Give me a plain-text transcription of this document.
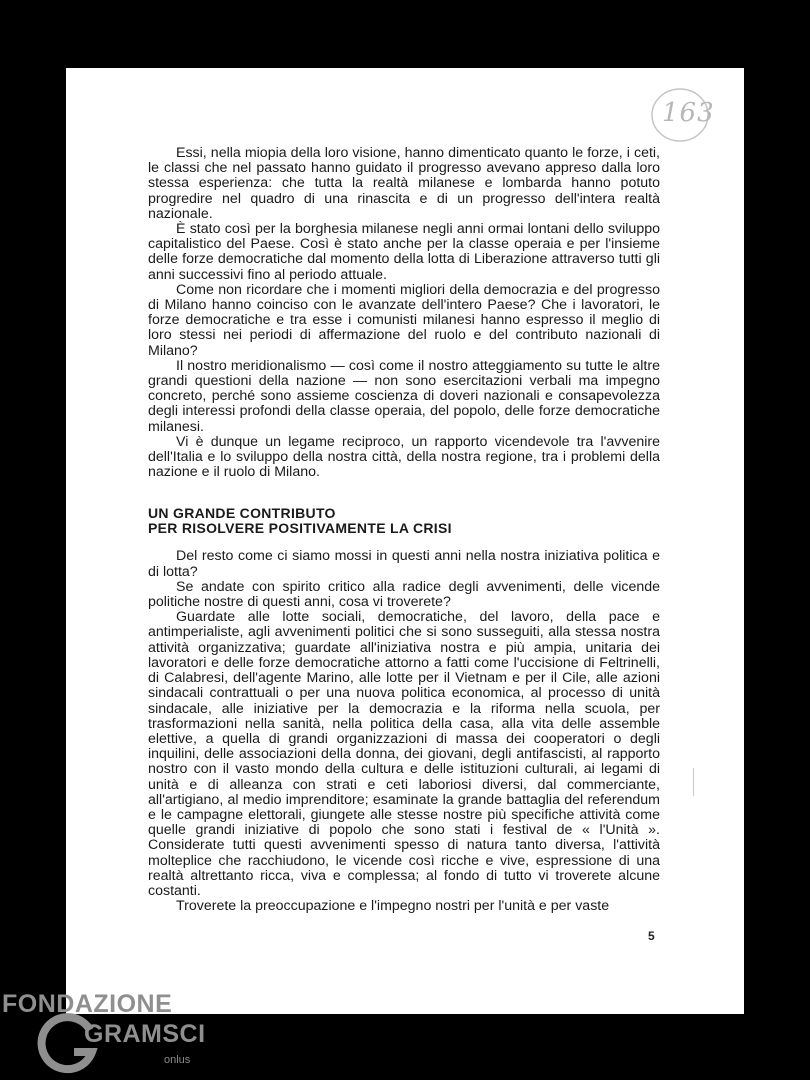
163

Essi, nella miopia della loro visione, hanno dimenticato quanto le forze, i ceti, le classi che nel passato hanno guidato il progresso avevano appreso dalla loro stessa esperienza: che tutta la realtà milanese e lombarda hanno potuto progredire nel quadro di una rinascita e di un progresso dell'intera realtà nazionale.

È stato così per la borghesia milanese negli anni ormai lontani dello sviluppo capitalistico del Paese. Così è stato anche per la classe operaia e per l'insieme delle forze democratiche dal momento della lotta di Liberazione attraverso tutti gli anni successivi fino al periodo attuale.

Come non ricordare che i momenti migliori della democrazia e del progresso di Milano hanno coinciso con le avanzate dell'intero Paese? Che i lavoratori, le forze democratiche e tra esse i comunisti milanesi hanno espresso il meglio di loro stessi nei periodi di affermazione del ruolo e del contributo nazionali di Milano?

Il nostro meridionalismo — così come il nostro atteggiamento su tutte le altre grandi questioni della nazione — non sono esercitazioni verbali ma impegno concreto, perché sono assieme coscienza di doveri nazionali e consapevolezza degli interessi profondi della classe operaia, del popolo, delle forze democratiche milanesi.

Vi è dunque un legame reciproco, un rapporto vicendevole tra l'avvenire dell'Italia e lo sviluppo della nostra città, della nostra regione, tra i problemi della nazione e il ruolo di Milano.

UN GRANDE CONTRIBUTO
PER RISOLVERE POSITIVAMENTE LA CRISI

Del resto come ci siamo mossi in questi anni nella nostra iniziativa politica e di lotta?

Se andate con spirito critico alla radice degli avvenimenti, delle vicende politiche nostre di questi anni, cosa vi troverete?

Guardate alle lotte sociali, democratiche, del lavoro, della pace e antimperialiste, agli avvenimenti politici che si sono susseguiti, alla stessa nostra attività organizzativa; guardate all'iniziativa nostra e più ampia, unitaria dei lavoratori e delle forze democratiche attorno a fatti come l'uccisione di Feltrinelli, di Calabresi, dell'agente Marino, alle lotte per il Vietnam e per il Cile, alle azioni sindacali contrattuali o per una nuova politica economica, al processo di unità sindacale, alle iniziative per la democrazia e la riforma nella scuola, per trasformazioni nella sanità, nella politica della casa, alla vita delle assemble elettive, a quella di grandi organizzazioni di massa dei cooperatori o degli inquilini, delle associazioni della donna, dei giovani, degli antifascisti, al rapporto nostro con il vasto mondo della cultura e delle istituzioni culturali, ai legami di unità e di alleanza con strati e ceti laboriosi diversi, dal commerciante, all'artigiano, al medio imprenditore; esaminate la grande battaglia del referendum e le campagne elettorali, giungete alle stesse nostre più specifiche attività come quelle grandi iniziative di popolo che sono stati i festival de « l'Unità ». Considerate tutti questi avvenimenti spesso di natura tanto diversa, l'attività molteplice che racchiudono, le vicende così ricche e vive, espressione di una realtà altrettanto ricca, viva e complessa; al fondo di tutto vi troverete alcune costanti.

Troverete la preoccupazione e l'impegno nostri per l'unità e per vaste

5
FONDAZIONE
GRAMSCI
onlus
